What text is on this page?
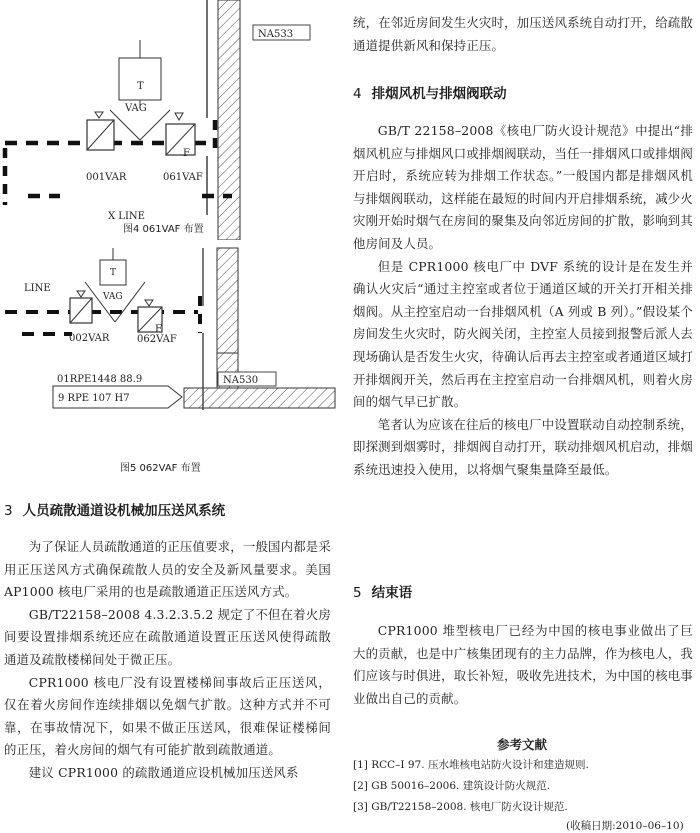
NA533
T
VAG
001VAR
F
061VAF
X LINE
图4 061VAF 布置
NA530
LINE
T
VAG
002VAR
F
062VAF
01RPE1448 88.9
9 RPE 107 H7
图5 062VAF 布置
3 人员疏散通道设机械加压送风系统

为了保证人员疏散通道的正压值要求，一般国内都是采用正压送风方式确保疏散人员的安全及新风量要求。美国 AP1000 核电厂采用的也是疏散通道正压送风方式。

GB/T22158–2008 4.3.2.3.5.2 规定了不但在着火房间要设置排烟系统还应在疏散通道设置正压送风使得疏散通道及疏散楼梯间处于微正压。

CPR1000 核电厂没有设置楼梯间事故后正压送风，仅在着火房间作连续排烟以免烟气扩散。这种方式并不可靠，在事故情况下，如果不做正压送风，很难保证楼梯间的正压，着火房间的烟气有可能扩散到疏散通道。

建议 CPR1000 的疏散通道应设机械加压送风系

统，在邻近房间发生火灾时，加压送风系统自动打开，给疏散通道提供新风和保持正压。

4 排烟风机与排烟阀联动

GB/T 22158–2008《核电厂防火设计规范》中提出“排烟风机应与排烟风口或排烟阀联动，当任一排烟风口或排烟阀开启时，系统应转为排烟工作状态。”一般国内都是排烟风机与排烟阀联动，这样能在最短的时间内开启排烟系统，减少火灾刚开始时烟气在房间的聚集及向邻近房间的扩散，影响到其他房间及人员。

但是 CPR1000 核电厂中 DVF 系统的设计是在发生并确认火灾后“通过主控室或者位于通道区域的开关打开相关排烟阀。从主控室启动一台排烟风机（A 列或 B 列）。”假设某个房间发生火灾时，防火阀关闭，主控室人员接到报警后派人去现场确认是否发生火灾，待确认后再去主控室或者通道区域打开排烟阀开关，然后再在主控室启动一台排烟风机，则着火房间的烟气早已扩散。

笔者认为应该在往后的核电厂中设置联动自动控制系统，即探测到烟雾时，排烟阀自动打开，联动排烟风机启动，排烟系统迅速投入使用，以将烟气聚集量降至最低。

5 结束语

CPR1000 堆型核电厂已经为中国的核电事业做出了巨大的贡献，也是中广核集团现有的主力品牌，作为核电人，我们应该与时俱进，取长补短，吸收先进技术，为中国的核电事业做出自己的贡献。

参考文献
[1] RCC–I 97. 压水堆核电站防火设计和建造规则.
[2] GB 50016–2006. 建筑设计防火规范.
[3] GB/T22158–2008. 核电厂防火设计规范.
(收稿日期:2010–06–10)
